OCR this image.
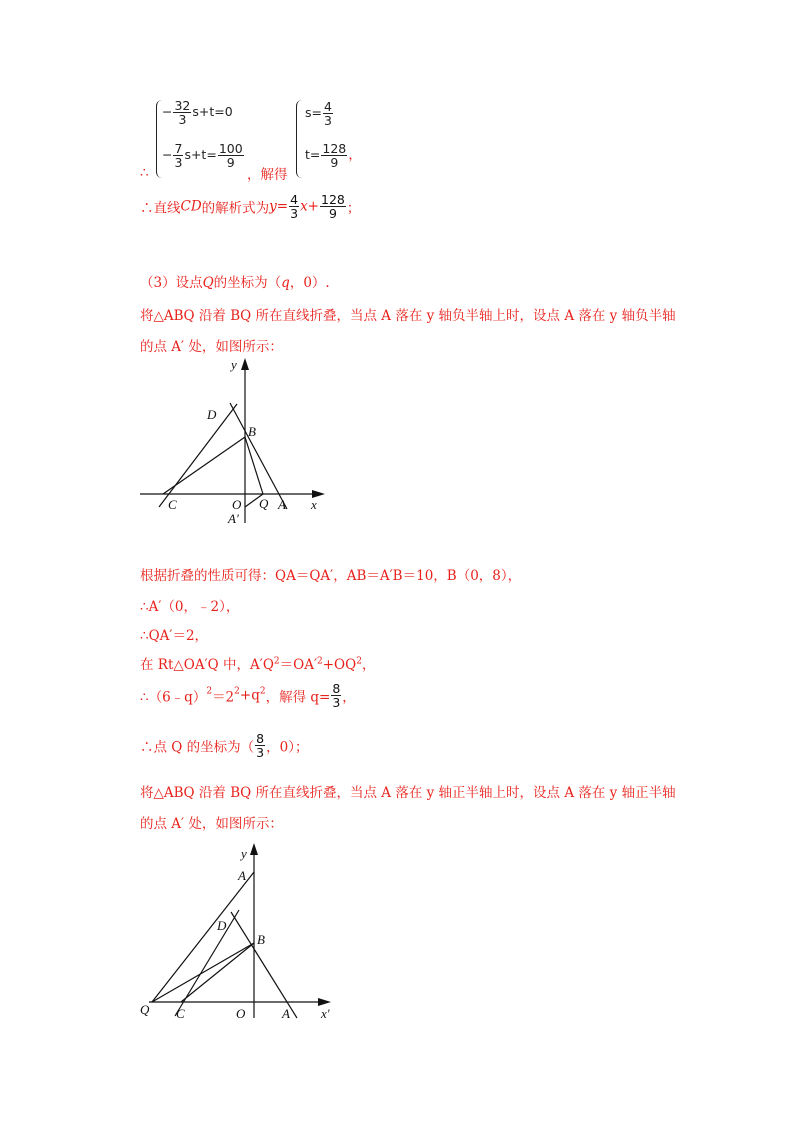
− $\frac{32}{3} s+t=0$
− $\frac{7}{3} s+t= \frac{100}{9}$
∴	，解得
$s= \frac{4}{3}$
$t= \frac{128}{9}$ ，
∴直线CD的解析式为$y= \frac{4}{3} x+ \frac{128}{9}$ ；
（3）设点Q的坐标为（q，0）.
将△ABQ 沿着 BQ 所在直线折叠，当点 A 落在 y 轴负半轴上时，设点 A 落在 y 轴负半轴
的点 A′ 处，如图所示：
y
x
D
B
C	O Q A
A′
根据折叠的性质可得：QA＝QA′，AB＝A′B＝10，B（0，8），
∴A′（0，﹣2），
∴QA′＝2，
在 Rt△OA′Q 中，$A'Q^2=OA'^2+OQ^2$，
$\therefore(6﹣q)^2=2^2+q^2$，解得 $q= \frac{8}{3}$ ，
∴点 Q 的坐标为（ $\frac{8}{3}$ ，0）；
将△ABQ 沿着 BQ 所在直线折叠，当点 A 落在 y 轴正半轴上时，设点 A 落在 y 轴正半轴
的点 A′ 处，如图所示：
y
x′
A
D
B
Q C	O	A
